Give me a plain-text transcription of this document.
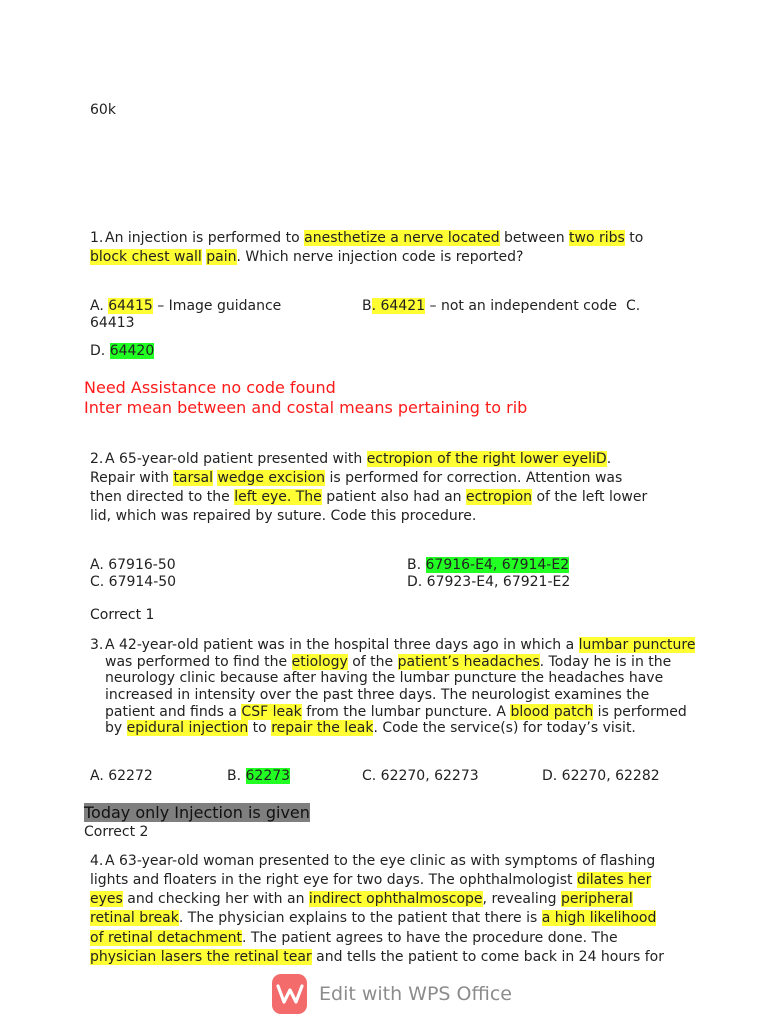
60k
1. An injection is performed to anesthetize a nerve located between two ribs to
block chest wall pain. Which nerve injection code is reported?
A. 64415 – Image guidance	B. 64421 – not an independent code C.
64413
D. 64420
Need Assistance no code found
Inter mean between and costal means pertaining to rib
2. A 65-year-old patient presented with ectropion of the right lower eyeliD.
Repair with tarsal wedge excision is performed for correction. Attention was
then directed to the left eye. The patient also had an ectropion of the left lower
lid, which was repaired by suture. Code this procedure.
A. 67916-50	B. 67916-E4, 67914-E2
C. 67914-50	D. 67923-E4, 67921-E2
Correct 1
3. A 42-year-old patient was in the hospital three days ago in which a lumbar puncture
was performed to find the etiology of the patient’s headaches. Today he is in the
neurology clinic because after having the lumbar puncture the headaches have
increased in intensity over the past three days. The neurologist examines the
patient and finds a CSF leak from the lumbar puncture. A blood patch is performed
by epidural injection to repair the leak. Code the service(s) for today’s visit.
A. 62272	B. 62273	C. 62270, 62273	D. 62270, 62282
Today only Injection is given
Correct 2
4. A 63-year-old woman presented to the eye clinic as with symptoms of flashing
lights and floaters in the right eye for two days. The ophthalmologist dilates her
eyes and checking her with an indirect ophthalmoscope, revealing peripheral
retinal break. The physician explains to the patient that there is a high likelihood
of retinal detachment. The patient agrees to have the procedure done. The
physician lasers the retinal tear and tells the patient to come back in 24 hours for
Edit with WPS Office
